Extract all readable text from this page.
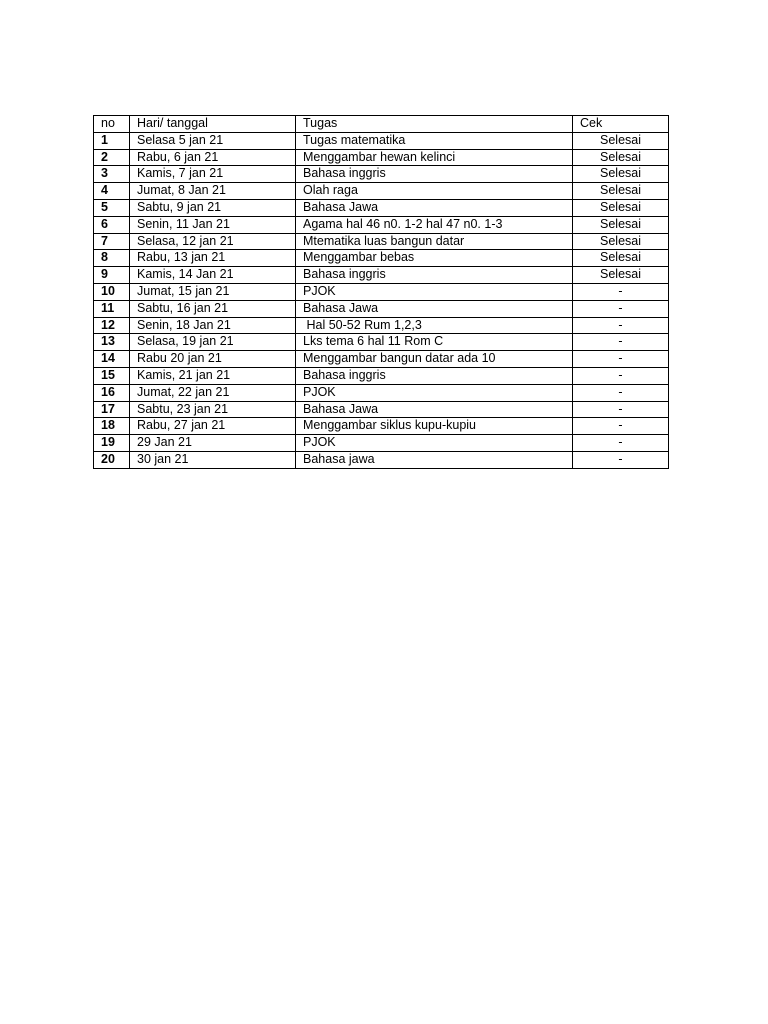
no	Hari/ tanggal	Tugas	Cek
1	Selasa 5 jan 21	Tugas matematika	Selesai
2	Rabu, 6 jan 21	Menggambar hewan kelinci	Selesai
3	Kamis, 7 jan 21	Bahasa inggris	Selesai
4	Jumat, 8 Jan 21	Olah raga	Selesai
5	Sabtu, 9 jan 21	Bahasa Jawa	Selesai
6	Senin, 11 Jan 21	Agama hal 46 n0. 1-2 hal 47 n0. 1-3	Selesai
7	Selasa, 12 jan 21	Mtematika luas bangun datar	Selesai
8	Rabu, 13 jan 21	Menggambar bebas	Selesai
9	Kamis, 14 Jan 21	Bahasa inggris	Selesai
10	Jumat, 15 jan 21	PJOK	-
11	Sabtu, 16 jan 21	Bahasa Jawa	-
12	Senin, 18 Jan 21	Hal 50-52 Rum 1,2,3	-
13	Selasa, 19 jan 21	Lks tema 6 hal 11 Rom C	-
14	Rabu 20 jan 21	Menggambar bangun datar ada 10	-
15	Kamis, 21 jan 21	Bahasa inggris	-
16	Jumat, 22 jan 21	PJOK	-
17	Sabtu, 23 jan 21	Bahasa Jawa	-
18	Rabu, 27 jan 21	Menggambar siklus kupu-kupiu	-
19	29 Jan 21	PJOK	-
20	30 jan 21	Bahasa jawa	-
